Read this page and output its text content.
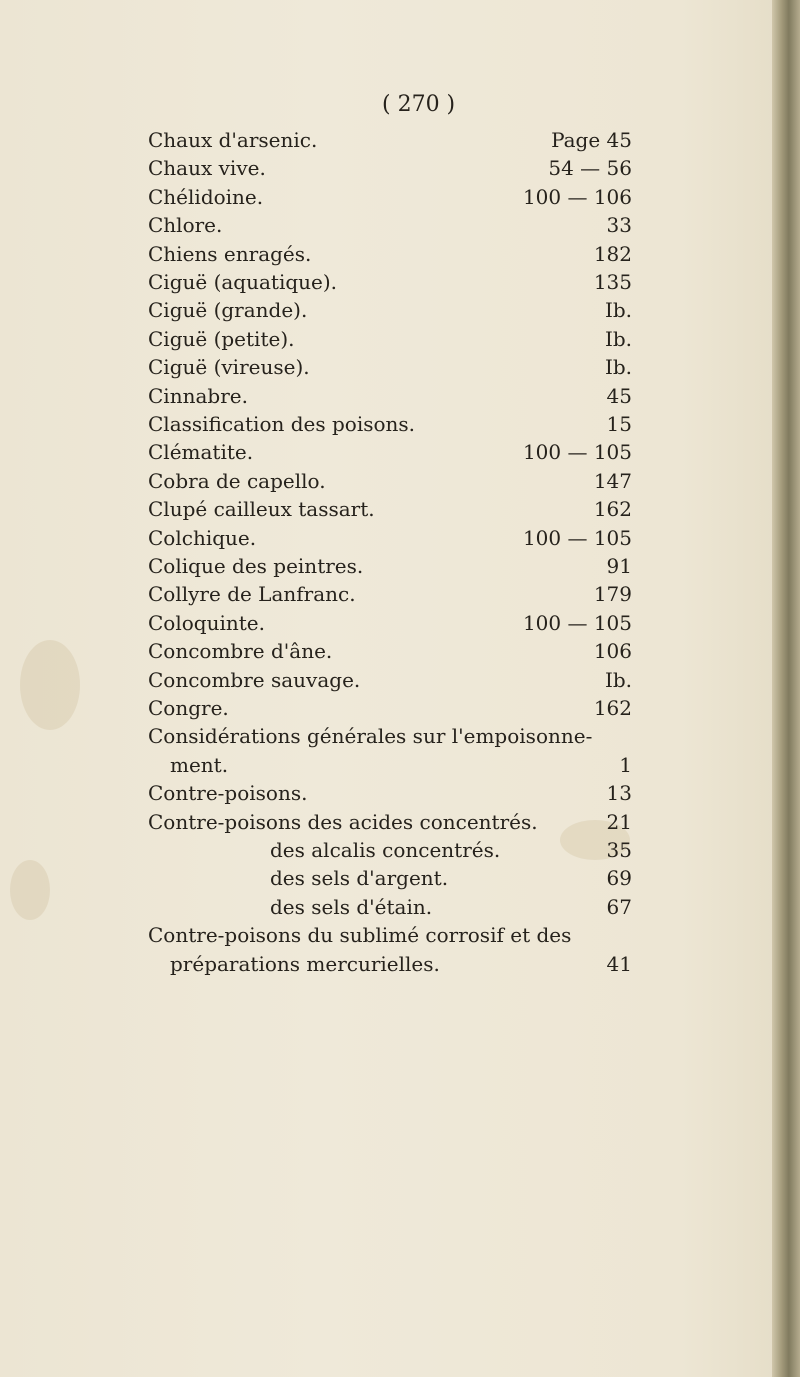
( 270 )
Chaux d'arsenic.	Page 45
Chaux vive.	54 — 56
Chélidoine.	100 — 106
Chlore.	33
Chiens enragés.	182
Ciguë (aquatique).	135
Ciguë (grande).	Ib.
Ciguë (petite).	Ib.
Ciguë (vireuse).	Ib.
Cinnabre.	45
Classification des poisons.	15
Clématite.	100 — 105
Cobra de capello.	147
Clupé cailleux tassart.	162
Colchique.	100 — 105
Colique des peintres.	91
Collyre de Lanfranc.	179
Coloquinte.	100 — 105
Concombre d'âne.	106
Concombre sauvage.	Ib.
Congre.	162
Considérations générales sur l'empoisonne-
ment.	1
Contre-poisons.	13
Contre-poisons des acides concentrés.	21
des alcalis concentrés.	35
des sels d'argent.	69
des sels d'étain.	67
Contre-poisons du sublimé corrosif et des
préparations mercurielles.	41
